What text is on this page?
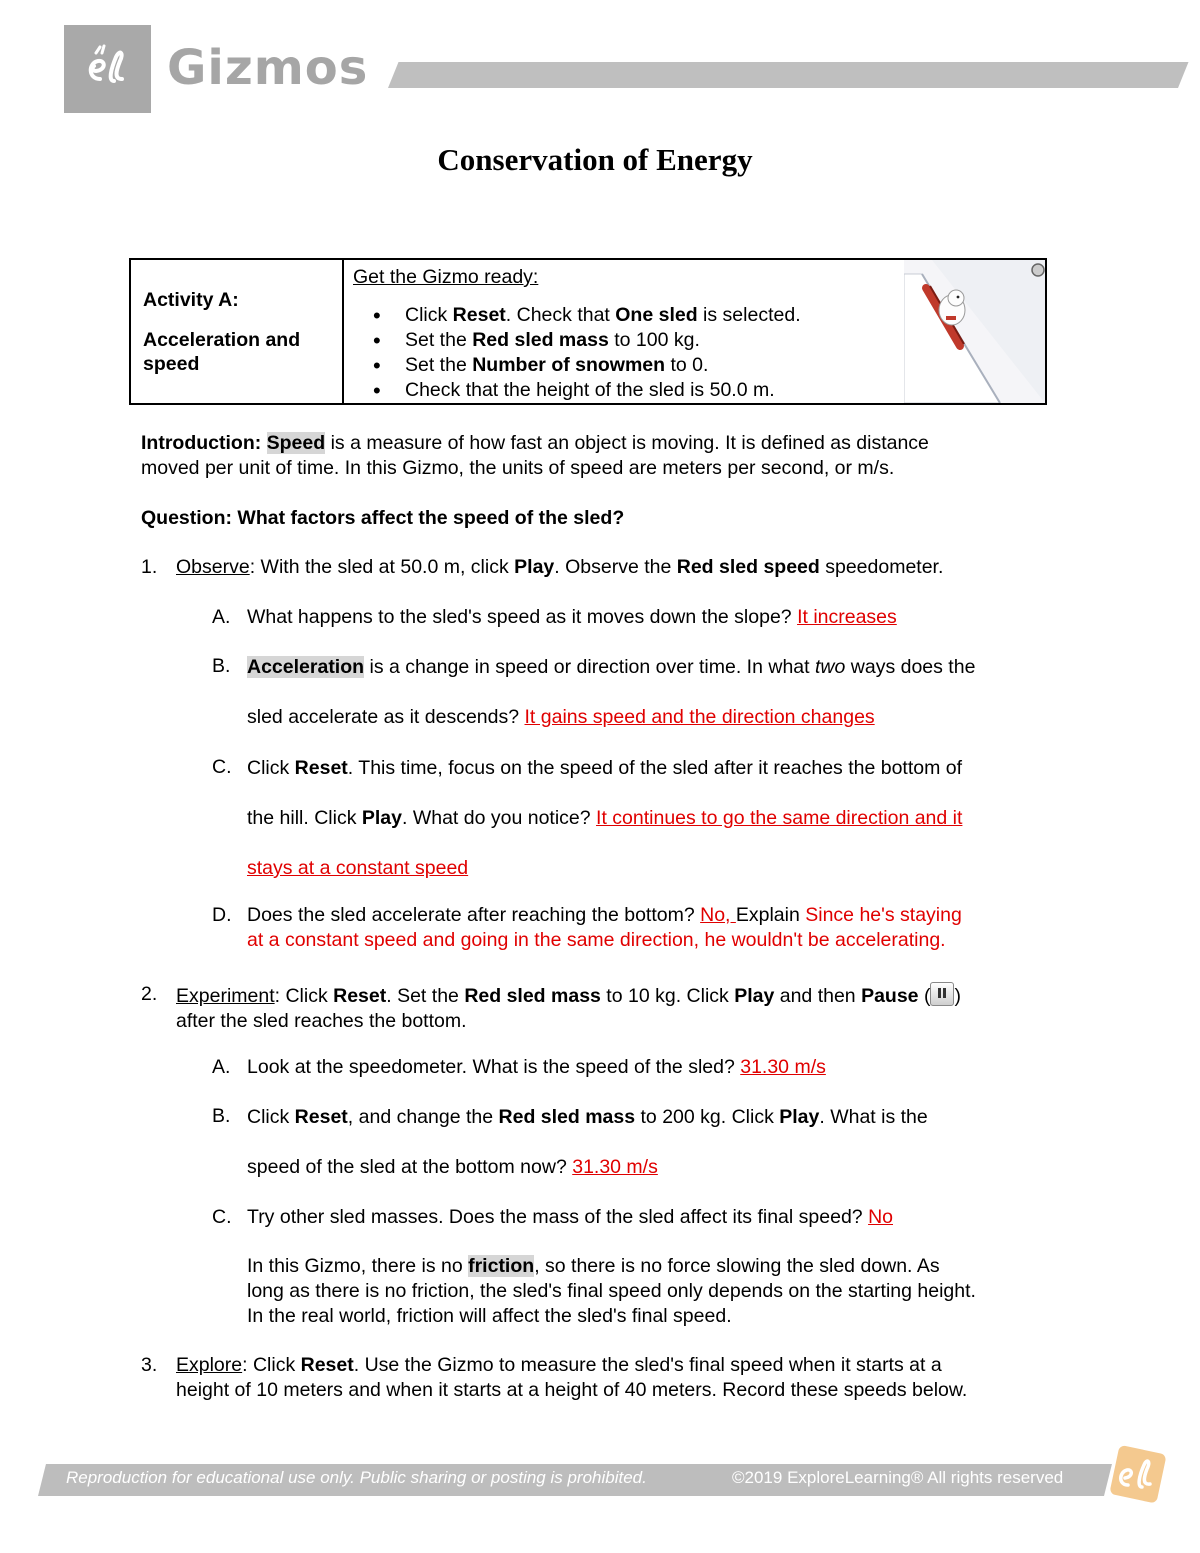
Gizmos
Conservation of Energy

Activity A:

Acceleration and

speed

Get the Gizmo ready:
• Click Reset. Check that One sled is selected.
• Set the Red sled mass to 100 kg.
• Set the Number of snowmen to 0.
• Check that the height of the sled is 50.0 m.
Introduction: Speed is a measure of how fast an object is moving. It is defined as distance
moved per unit of time. In this Gizmo, the units of speed are meters per second, or m/s.
Question: What factors affect the speed of the sled?
1. Observe: With the sled at 50.0 m, click Play. Observe the Red sled speed speedometer.
A. What happens to the sled's speed as it moves down the slope? It increases
B. Acceleration is a change in speed or direction over time. In what two ways does the
sled accelerate as it descends? It gains speed and the direction changes
C. Click Reset. This time, focus on the speed of the sled after it reaches the bottom of
the hill. Click Play. What do you notice? It continues to go the same direction and it
stays at a constant speed
D. Does the sled accelerate after reaching the bottom? No, Explain Since he's staying
at a constant speed and going in the same direction, he wouldn't be accelerating.
2. Experiment: Click Reset. Set the Red sled mass to 10 kg. Click Play and then Pause ( )
after the sled reaches the bottom.
A. Look at the speedometer. What is the speed of the sled? 31.30 m/s
B. Click Reset, and change the Red sled mass to 200 kg. Click Play. What is the
speed of the sled at the bottom now? 31.30 m/s
C. Try other sled masses. Does the mass of the sled affect its final speed? No
In this Gizmo, there is no friction, so there is no force slowing the sled down. As
long as there is no friction, the sled's final speed only depends on the starting height.
In the real world, friction will affect the sled's final speed.
3. Explore: Click Reset. Use the Gizmo to measure the sled's final speed when it starts at a
height of 10 meters and when it starts at a height of 40 meters. Record these speeds below.
Reproduction for educational use only. Public sharing or posting is prohibited.	©2019 ExploreLearning® All rights reserved
